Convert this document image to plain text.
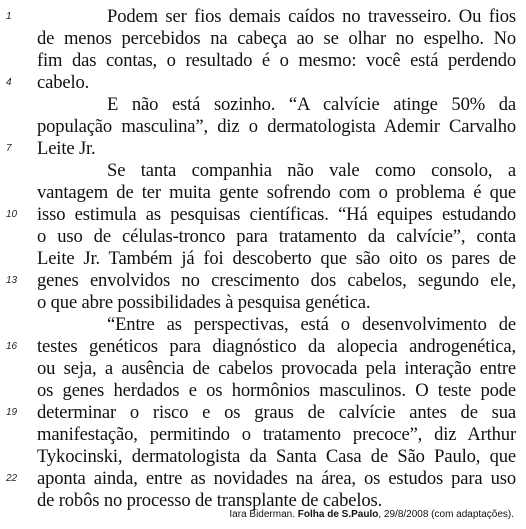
Podem ser fios demais caídos no travesseiro. Ou fios
de menos percebidos na cabeça ao se olhar no espelho. No
fim das contas, o resultado é o mesmo: você está perdendo
cabelo.
E não está sozinho. “A calvície atinge 50% da
população masculina”, diz o dermatologista Ademir Carvalho
Leite Jr.
Se tanta companhia não vale como consolo, a
vantagem de ter muita gente sofrendo com o problema é que
isso estimula as pesquisas científicas. “Há equipes estudando
o uso de células-tronco para tratamento da calvície”, conta
Leite Jr. Também já foi descoberto que são oito os pares de
genes envolvidos no crescimento dos cabelos, segundo ele,
o que abre possibilidades à pesquisa genética.
“Entre as perspectivas, está o desenvolvimento de
testes genéticos para diagnóstico da alopecia androgenética,
ou seja, a ausência de cabelos provocada pela interação entre
os genes herdados e os hormônios masculinos. O teste pode
determinar o risco e os graus de calvície antes de sua
manifestação, permitindo o tratamento precoce”, diz Arthur
Tykocinski, dermatologista da Santa Casa de São Paulo, que
aponta ainda, entre as novidades na área, os estudos para uso
de robôs no processo de transplante de cabelos.
1
4
7
10
13
16
19
22
Iara Biderman. Folha de S.Paulo, 29/8/2008 (com adaptações).
